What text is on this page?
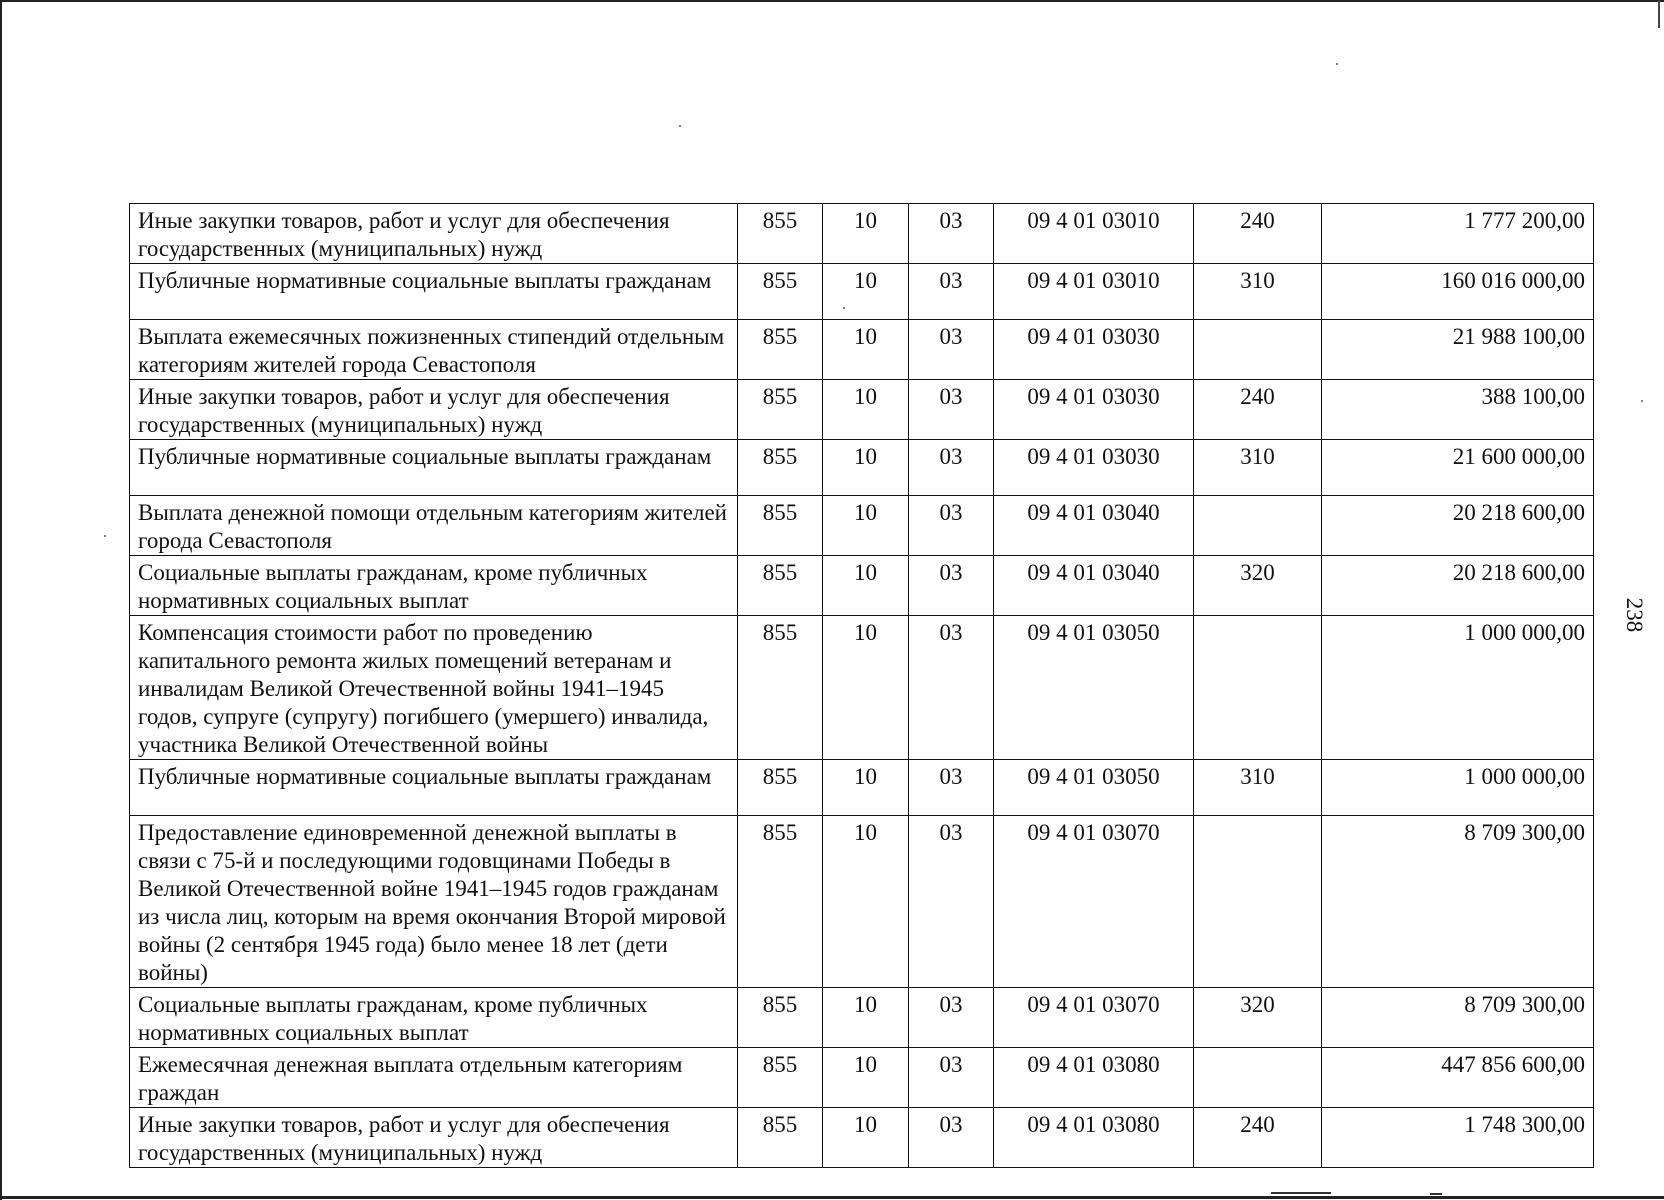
Иные закупки товаров, работ и услуг для обеспечения государственных (муниципальных) нужд	855	10	03	09 4 01 03010	240	1 777 200,00
Публичные нормативные социальные выплаты гражданам	855	10	03	09 4 01 03010	310	160 016 000,00
Выплата ежемесячных пожизненных стипендий отдельным категориям жителей города Севастополя	855	10	03	09 4 01 03030		21 988 100,00
Иные закупки товаров, работ и услуг для обеспечения государственных (муниципальных) нужд	855	10	03	09 4 01 03030	240	388 100,00
Публичные нормативные социальные выплаты гражданам	855	10	03	09 4 01 03030	310	21 600 000,00
Выплата денежной помощи отдельным категориям жителей города Севастополя	855	10	03	09 4 01 03040		20 218 600,00
Социальные выплаты гражданам, кроме публичных нормативных социальных выплат	855	10	03	09 4 01 03040	320	20 218 600,00
Компенсация стоимости работ по проведению капитального ремонта жилых помещений ветеранам и инвалидам Великой Отечественной войны 1941–1945 годов, супруге (супругу) погибшего (умершего) инвалида, участника Великой Отечественной войны	855	10	03	09 4 01 03050		1 000 000,00
Публичные нормативные социальные выплаты гражданам	855	10	03	09 4 01 03050	310	1 000 000,00
Предоставление единовременной денежной выплаты в связи с 75-й и последующими годовщинами Победы в Великой Отечественной войне 1941–1945 годов гражданам из числа лиц, которым на время окончания Второй мировой войны (2 сентября 1945 года) было менее 18 лет (дети войны)	855	10	03	09 4 01 03070		8 709 300,00
Социальные выплаты гражданам, кроме публичных нормативных социальных выплат	855	10	03	09 4 01 03070	320	8 709 300,00
Ежемесячная денежная выплата отдельным категориям граждан	855	10	03	09 4 01 03080		447 856 600,00
Иные закупки товаров, работ и услуг для обеспечения государственных (муниципальных) нужд	855	10	03	09 4 01 03080	240	1 748 300,00
238
